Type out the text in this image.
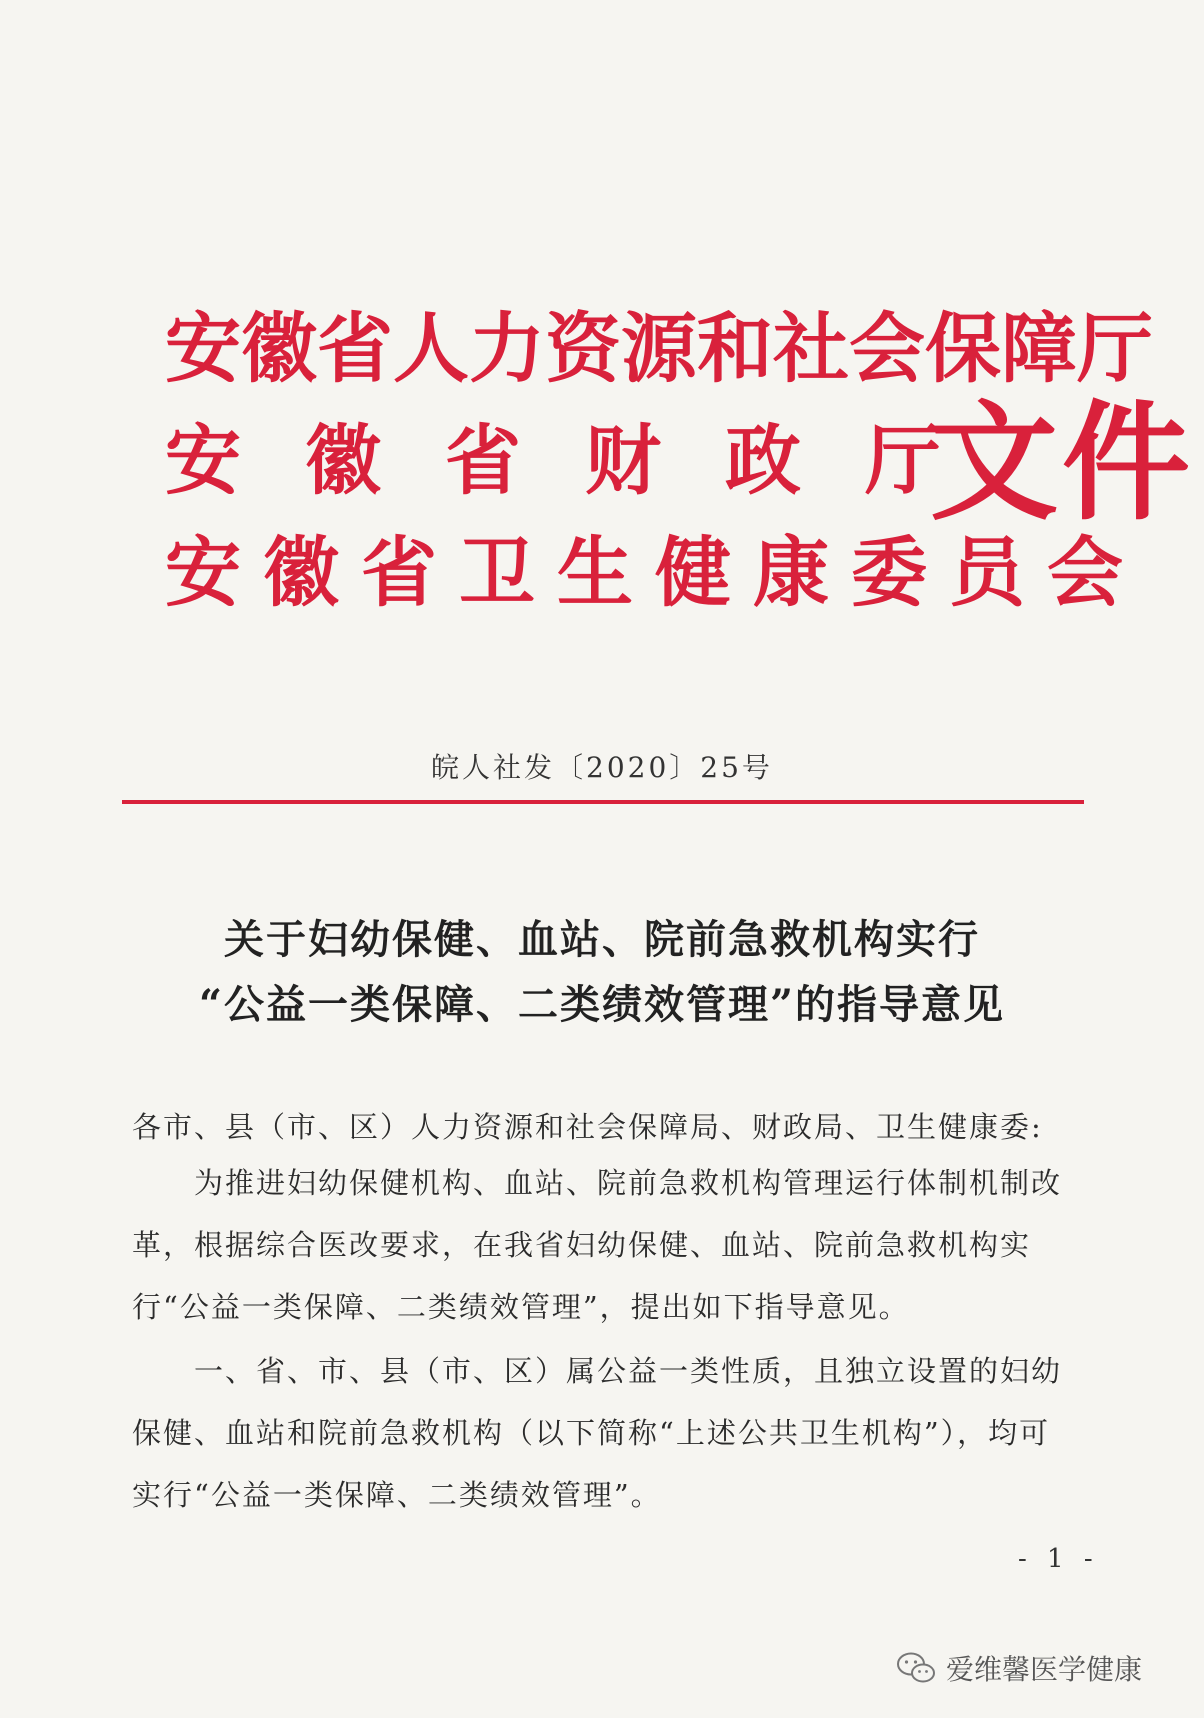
安徽省人力资源和社会保障厅
安徽省财政厅
安徽省卫生健康委员会
文件
皖人社发〔2020〕25号
关于妇幼保健、血站、院前急救机构实行
“公益一类保障、二类绩效管理”的指导意见
各市、县（市、区）人力资源和社会保障局、财政局、卫生健康委:
为推进妇幼保健机构、血站、院前急救机构管理运行体制机制改革，根据综合医改要求，在我省妇幼保健、血站、院前急救机构实行“公益一类保障、二类绩效管理”，提出如下指导意见。
一、省、市、县（市、区）属公益一类性质，且独立设置的妇幼保健、血站和院前急救机构（以下简称“上述公共卫生机构”），均可实行“公益一类保障、二类绩效管理”。
- 1 -
爱维馨医学健康
